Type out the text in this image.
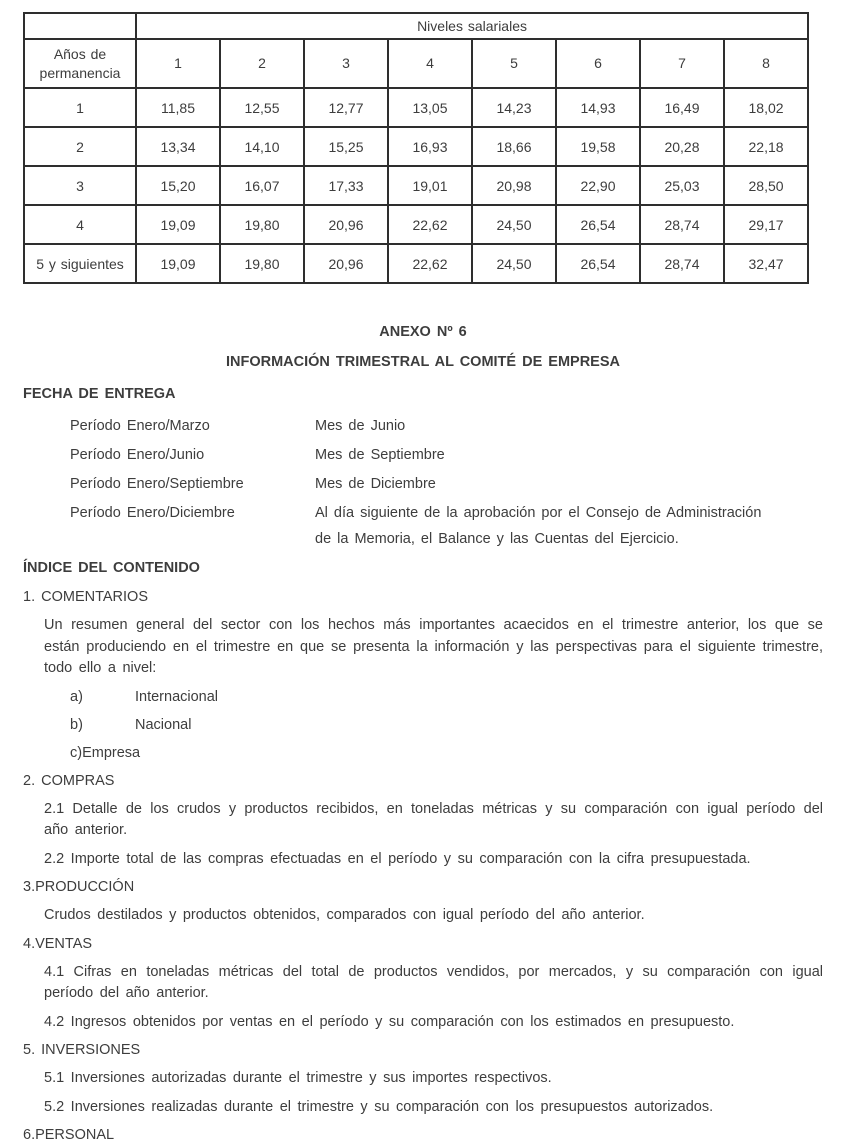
	Niveles salariales							
Años de permanencia	1	2	3	4	5	6	7	8
1	11,85	12,55	12,77	13,05	14,23	14,93	16,49	18,02
2	13,34	14,10	15,25	16,93	18,66	19,58	20,28	22,18
3	15,20	16,07	17,33	19,01	20,98	22,90	25,03	28,50
4	19,09	19,80	20,96	22,62	24,50	26,54	28,74	29,17
5 y siguientes	19,09	19,80	20,96	22,62	24,50	26,54	28,74	32,47
ANEXO Nº 6
INFORMACIÓN TRIMESTRAL AL COMITÉ DE EMPRESA
FECHA DE ENTREGA
Período Enero/Marzo	Mes de Junio
Período Enero/Junio	Mes de Septiembre
Período Enero/Septiembre	Mes de Diciembre
Período Enero/Diciembre	Al día siguiente de la aprobación por el Consejo de Administración
de la Memoria, el Balance y las Cuentas del Ejercicio.
ÍNDICE DEL CONTENIDO
1. COMENTARIOS

Un resumen general del sector con los hechos más importantes acaecidos en el trimestre anterior, los que se están produciendo en el trimestre en que se presenta la información y las perspectivas para el siguiente trimestre, todo ello a nivel:

a)	Internacional
b)	Nacional
c)Empresa
2. COMPRAS

2.1 Detalle de los crudos y productos recibidos, en toneladas métricas y su comparación con igual período del año anterior.

2.2 Importe total de las compras efectuadas en el período y su comparación con la cifra presupuestada.

3.PRODUCCIÓN

Crudos destilados y productos obtenidos, comparados con igual período del año anterior.

4.VENTAS

4.1 Cifras en toneladas métricas del total de productos vendidos, por mercados, y su comparación con igual período del año anterior.

4.2 Ingresos obtenidos por ventas en el período y su comparación con los estimados en presupuesto.

5. INVERSIONES

5.1 Inversiones autorizadas durante el trimestre y sus importes respectivos.

5.2 Inversiones realizadas durante el trimestre y su comparación con los presupuestos autorizados.

6.PERSONAL
